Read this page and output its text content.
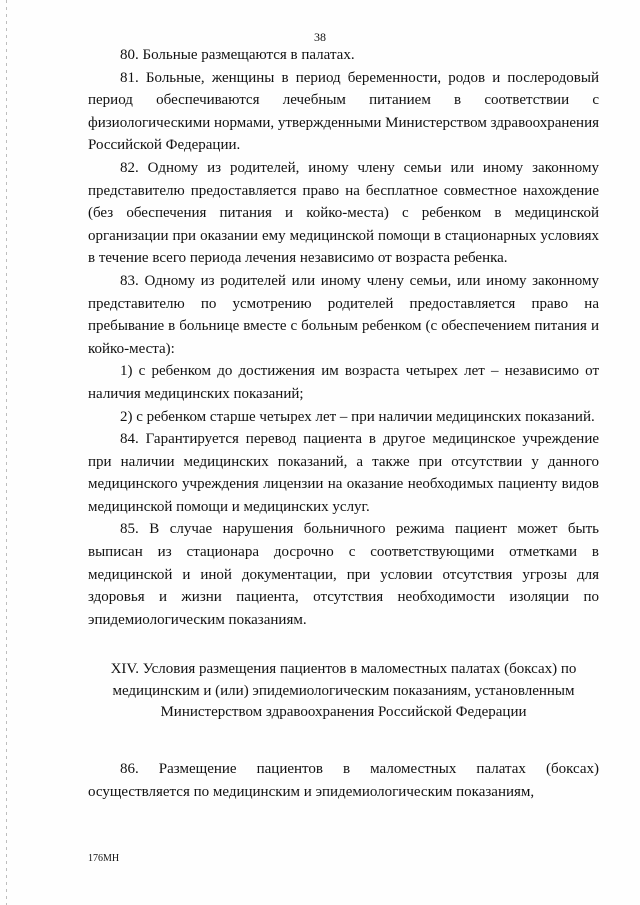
38

80. Больные размещаются в палатах.

81. Больные, женщины в период беременности, родов и послеродовый период обеспечиваются лечебным питанием в соответствии с физиологическими нормами, утвержденными Министерством здравоохранения Российской Федерации.

82. Одному из родителей, иному члену семьи или иному законному представителю предоставляется право на бесплатное совместное нахождение (без обеспечения питания и койко-места) с ребенком в медицинской организации при оказании ему медицинской помощи в стационарных условиях в течение всего периода лечения независимо от возраста ребенка.

83. Одному из родителей или иному члену семьи, или иному законному представителю по усмотрению родителей предоставляется право на пребывание в больнице вместе с больным ребенком (с обеспечением питания и койко-места):

1) с ребенком до достижения им возраста четырех лет – независимо от наличия медицинских показаний;

2) с ребенком старше четырех лет – при наличии медицинских показаний.

84. Гарантируется перевод пациента в другое медицинское учреждение при наличии медицинских показаний, а также при отсутствии у данного медицинского учреждения лицензии на оказание необходимых пациенту видов медицинской помощи и медицинских услуг.

85. В случае нарушения больничного режима пациент может быть выписан из стационара досрочно с соответствующими отметками в медицинской и иной документации, при условии отсутствия угрозы для здоровья и жизни пациента, отсутствия необходимости изоляции по эпидемиологическим показаниям.

XIV. Условия размещения пациентов в маломестных палатах (боксах) по медицинским и (или) эпидемиологическим показаниям, установленным Министерством здравоохранения Российской Федерации

86. Размещение пациентов в маломестных палатах (боксах) осуществляется по медицинским и эпидемиологическим показаниям,

176МН
